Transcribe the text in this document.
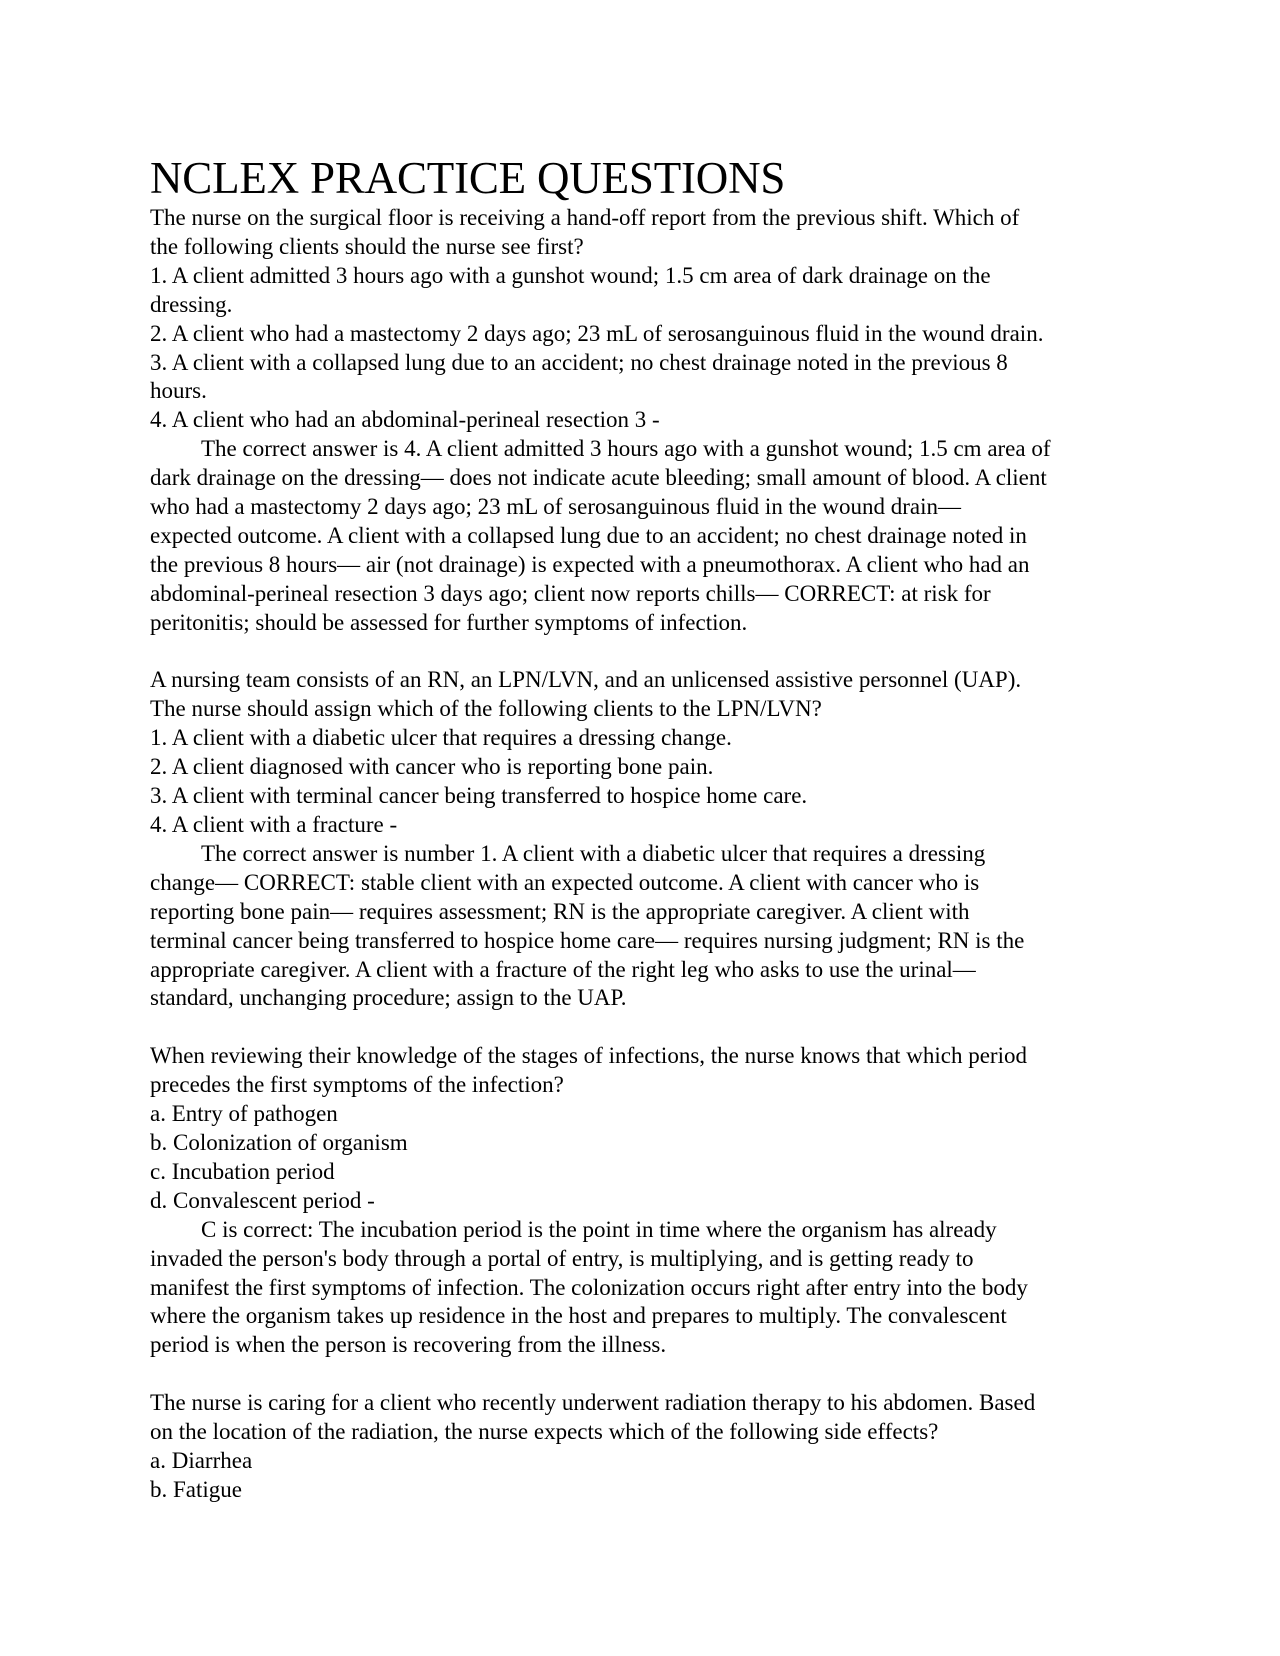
NCLEX PRACTICE QUESTIONS

The nurse on the surgical floor is receiving a hand-off report from the previous shift. Which of

the following clients should the nurse see first?

1. A client admitted 3 hours ago with a gunshot wound; 1.5 cm area of dark drainage on the

dressing.

2. A client who had a mastectomy 2 days ago; 23 mL of serosanguinous fluid in the wound drain.

3. A client with a collapsed lung due to an accident; no chest drainage noted in the previous 8

hours.

4. A client who had an abdominal-perineal resection 3 -

The correct answer is 4. A client admitted 3 hours ago with a gunshot wound; 1.5 cm area of

dark drainage on the dressing— does not indicate acute bleeding; small amount of blood. A client

who had a mastectomy 2 days ago; 23 mL of serosanguinous fluid in the wound drain—

expected outcome. A client with a collapsed lung due to an accident; no chest drainage noted in

the previous 8 hours— air (not drainage) is expected with a pneumothorax. A client who had an

abdominal-perineal resection 3 days ago; client now reports chills— CORRECT: at risk for

peritonitis; should be assessed for further symptoms of infection.

A nursing team consists of an RN, an LPN/LVN, and an unlicensed assistive personnel (UAP).

The nurse should assign which of the following clients to the LPN/LVN?

1. A client with a diabetic ulcer that requires a dressing change.

2. A client diagnosed with cancer who is reporting bone pain.

3. A client with terminal cancer being transferred to hospice home care.

4. A client with a fracture -

The correct answer is number 1. A client with a diabetic ulcer that requires a dressing

change— CORRECT: stable client with an expected outcome. A client with cancer who is

reporting bone pain— requires assessment; RN is the appropriate caregiver. A client with

terminal cancer being transferred to hospice home care— requires nursing judgment; RN is the

appropriate caregiver. A client with a fracture of the right leg who asks to use the urinal—

standard, unchanging procedure; assign to the UAP.

When reviewing their knowledge of the stages of infections, the nurse knows that which period

precedes the first symptoms of the infection?

a. Entry of pathogen

b. Colonization of organism

c. Incubation period

d. Convalescent period -

C is correct: The incubation period is the point in time where the organism has already

invaded the person's body through a portal of entry, is multiplying, and is getting ready to

manifest the first symptoms of infection. The colonization occurs right after entry into the body

where the organism takes up residence in the host and prepares to multiply. The convalescent

period is when the person is recovering from the illness.

The nurse is caring for a client who recently underwent radiation therapy to his abdomen. Based

on the location of the radiation, the nurse expects which of the following side effects?

a. Diarrhea

b. Fatigue
